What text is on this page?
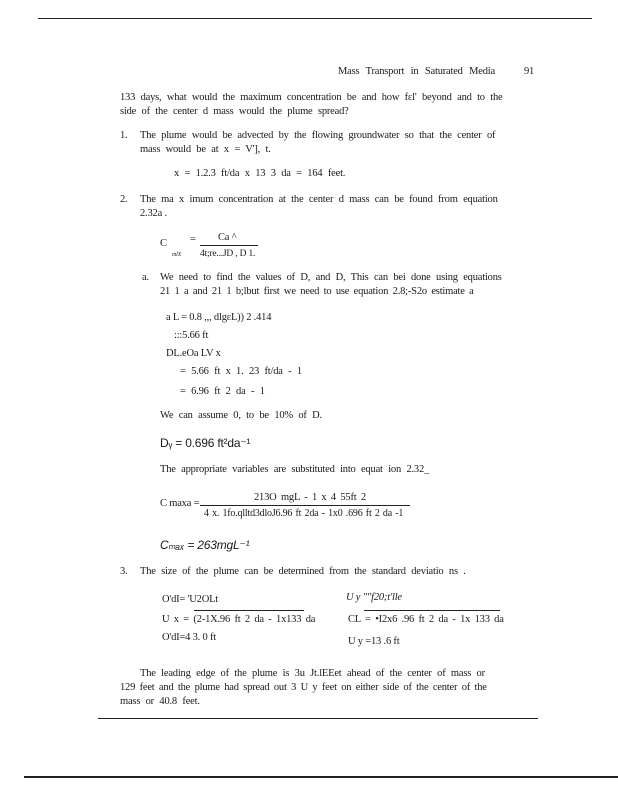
Mass Transport in Saturated Media	91
133 days, what would the maximum concentration be and how fɛl' beyond and to the
side of the center d mass would the plume spread?
1. The plume would be advected by the flowing groundwater so that the center of
mass would be at x = V'], t.
x = 1.2.3 ft/da x 13 3 da = 164 feet.
2. The ma x imum concentration at the center d mass can be found from equation
2.32a .
C
mlX
= Ca ^
4t;re...JD , D 1.
a. We need to find the values of D, and D, This can bei done using equations
21 1 a and 21 1 b;lbut first we need to use equation 2.8;-S2o estimate a
a L = 0.8 ,,, dlgɛL)) 2 .414
:::5.66 ft
DL.eOa LV x
= 5.66 ft x 1. 23 ft/da - 1
= 6.96 ft 2 da - 1
We can assume 0, to be 10% of D.
Dᵧ = 0.696 ft²da⁻¹
The appropriate variables are substituted into equat ion 2.32_
C maxa =
213O mgL - 1 x 4 55ft 2
4 x. 1fo.qlltd3dloJ6.96 ft 2da - 1x0 .696 ft 2 da -1
Cₘₐₓ = 263mgL⁻¹
3. The size of the plume can be determined from the standard deviatio ns .
O'dI= 'U2OLt
U x = (2-1X.96 ft 2 da - 1x133 da
O'dI=4 3. 0 ft
U y ""f20;t'lle
CL = •I2x6 .96 ft 2 da - 1x 133 da
U y =13 .6 ft
The leading edge of the plume is 3u Jt.lEEet ahead of the center of mass or
129 feet and the plume had spread out 3 U y feet on either side of the center of the
mass or 40.8 feet.
